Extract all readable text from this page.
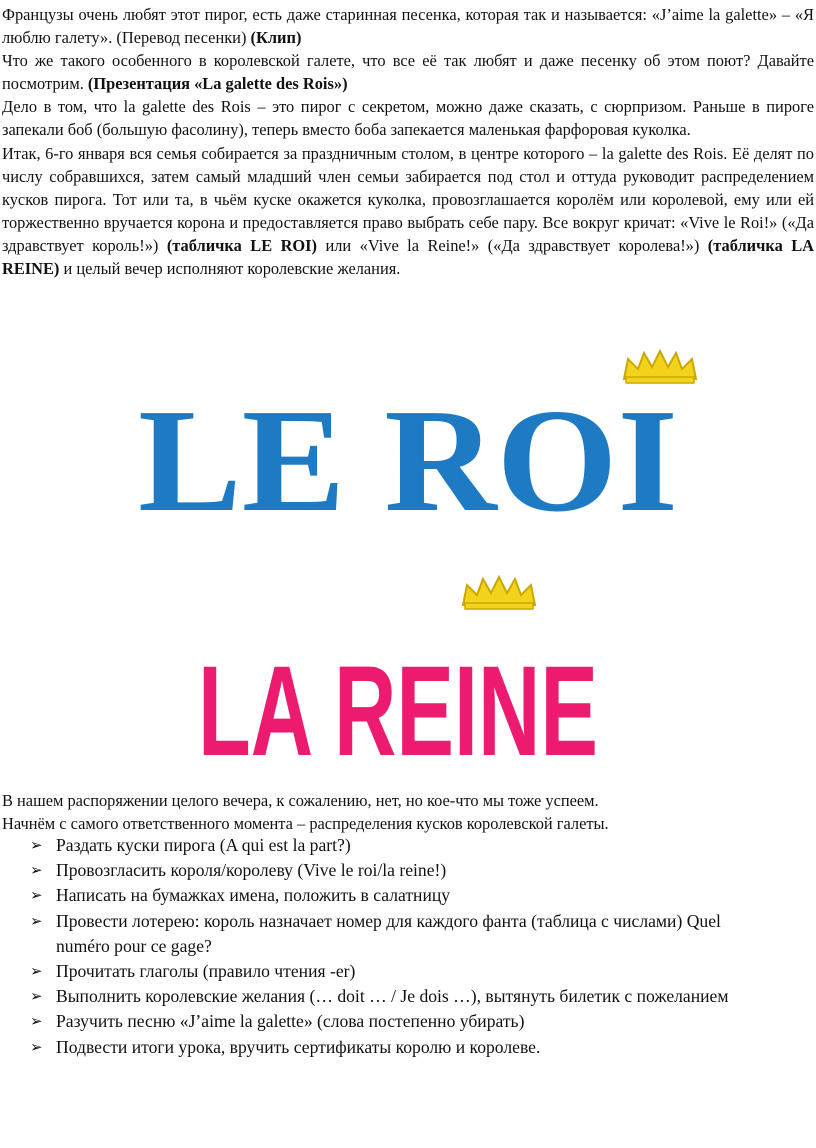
Французы очень любят этот пирог, есть даже старинная песенка, которая так и называется: «J’aime la galette» – «Я люблю галету». (Перевод песенки) (Клип)

Что же такого особенного в королевской галете, что все её так любят и даже песенку об этом поют? Давайте посмотрим. (Презентация «La galette des Rois»)

Дело в том, что la galette des Rois – это пирог с секретом, можно даже сказать, с сюрпризом. Раньше в пироге запекали боб (большую фасолину), теперь вместо боба запекается маленькая фарфоровая куколка.

Итак, 6-го января вся семья собирается за праздничным столом, в центре которого – la galette des Rois. Её делят по числу собравшихся, затем самый младший член семьи забирается под стол и оттуда руководит распределением кусков пирога. Тот или та, в чьём куске окажется куколка, провозглашается королём или королевой, ему или ей торжественно вручается корона и предоставляется право выбрать себе пару. Все вокруг кричат: «Vive le Roi!» («Да здравствует король!») (табличка LE ROI) или «Vive la Reine!» («Да здравствует королева!») (табличка LA REINE) и целый вечер исполняют королевские желания.

LE ROI
LA REINE

В нашем распоряжении целого вечера, к сожалению, нет, но кое-что мы тоже успеем.

Начнём с самого ответственного момента – распределения кусков королевской галеты.

➢ Раздать куски пирога (A qui est la part?)
➢ Провозгласить короля/королеву (Vive le roi/la reine!)
➢ Написать на бумажках имена, положить в салатницу
➢ Провести лотерею: король назначает номер для каждого фанта (таблица с числами) Quel numéro pour ce gage?
➢ Прочитать глаголы (правило чтения -er)
➢ Выполнить королевские желания (… doit … / Je dois …), вытянуть билетик с пожеланием
➢ Разучить песню «J’aime la galette» (слова постепенно убирать)
➢ Подвести итоги урока, вручить сертификаты королю и королеве.
